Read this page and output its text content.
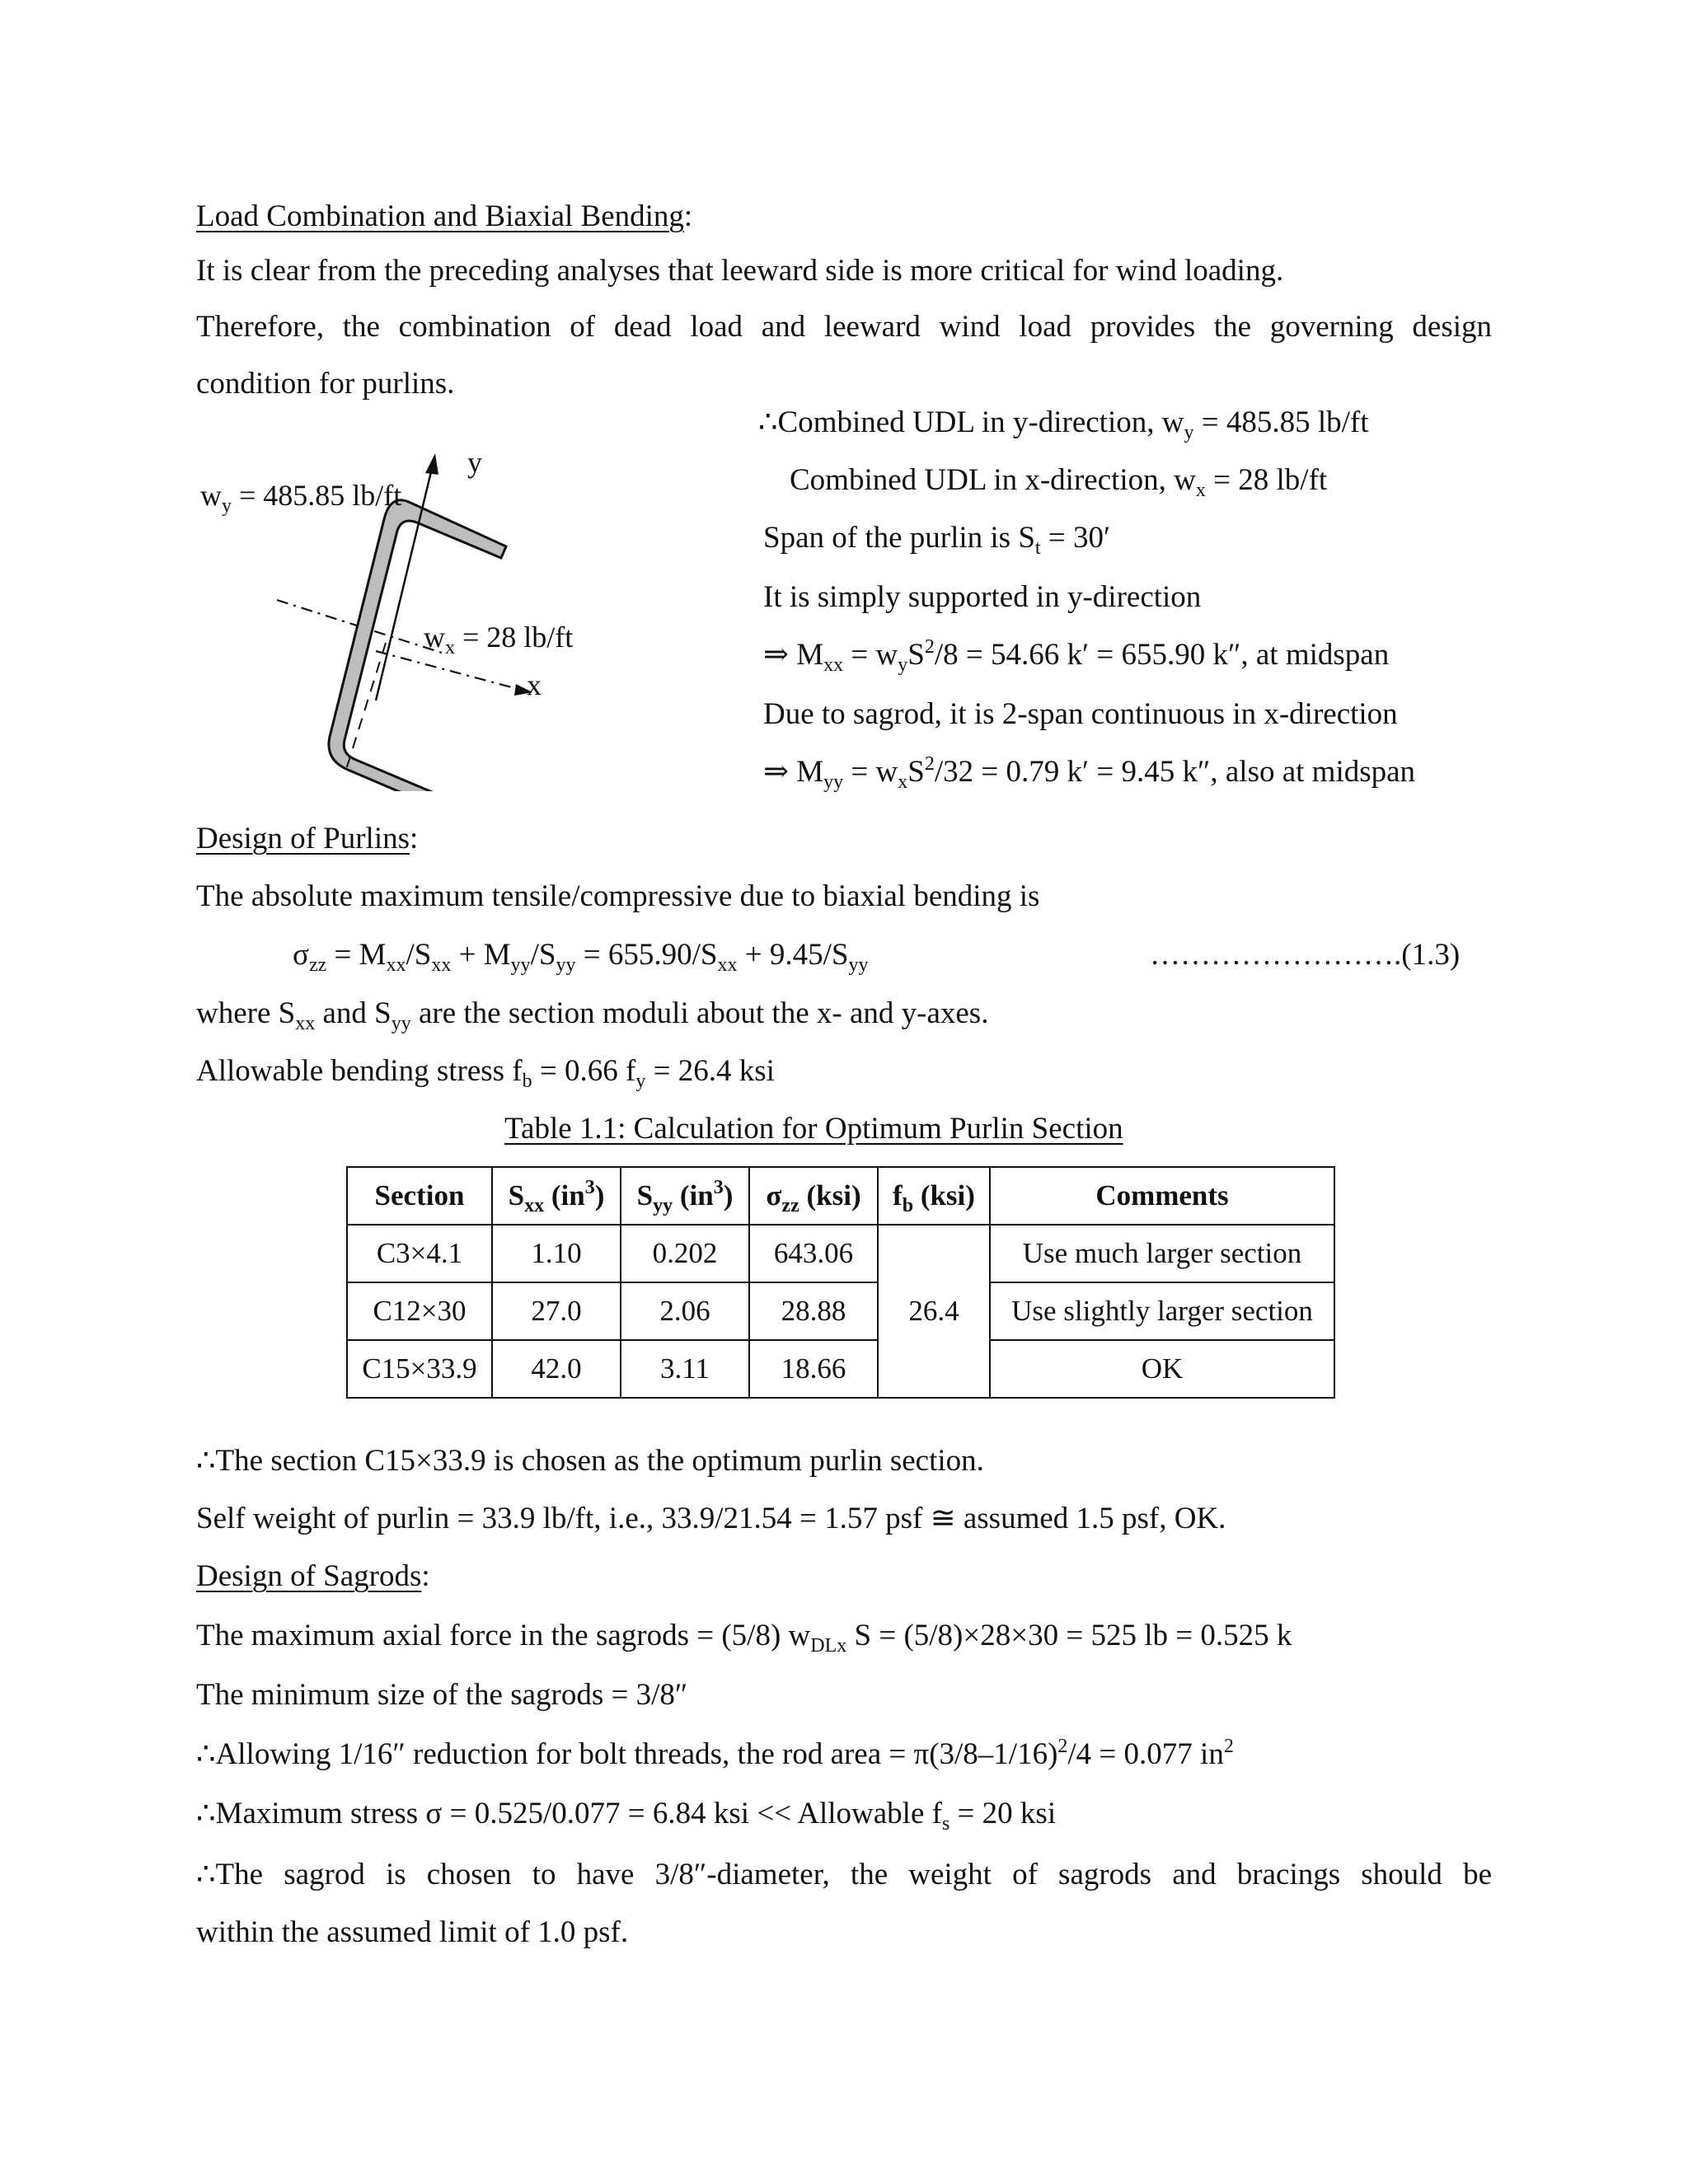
Load Combination and Biaxial Bending:
It is clear from the preceding analyses that leeward side is more critical for wind loading.
Therefore, the combination of dead load and leeward wind load provides the governing design
condition for purlins.
$w_y = 485.85$ lb/ft
y
$w_x = 28$ lb/ft
x
∴Combined UDL in y-direction, $w_y = 485.85$ lb/ft
Combined UDL in x-direction, $w_x = 28$ lb/ft
Span of the purlin is $S_t = 30'$
It is simply supported in y-direction
⇒ $M_{xx} = w_yS^2/8 = 54.66$ k′ = 655.90 k″, at midspan
Due to sagrod, it is 2-span continuous in x-direction
⇒ $M_{yy} = w_xS^2/32 = 0.79$ k′ = 9.45 k″, also at midspan
Design of Purlins:
The absolute maximum tensile/compressive due to biaxial bending is
$\sigma_{zz} = M_{xx}/S_{xx} + M_{yy}/S_{yy} = 655.90/S_{xx} + 9.45/S_{yy}$	…………………….(1.3)
where $S_{xx}$ and $S_{yy}$ are the section moduli about the x- and y-axes.
Allowable bending stress $f_b = 0.66$ $f_y = 26.4$ ksi
Table 1.1: Calculation for Optimum Purlin Section
Section	$S_{xx}$ $(in^3)$	$S_{yy}$ $(in^3)$	$\sigma_{zz}$ (ksi)	$f_b$ (ksi)	Comments
C3×4.1	1.10	0.202	643.06	26.4	Use much larger section
C12×30	27.0	2.06	28.88		Use slightly larger section
C15×33.9	42.0	3.11	18.66		OK
∴The section C15×33.9 is chosen as the optimum purlin section.
Self weight of purlin = 33.9 lb/ft, i.e., 33.9/21.54 = 1.57 psf ≅ assumed 1.5 psf, OK.
Design of Sagrods:
The maximum axial force in the sagrods = (5/8) $w_{DLx}$ S = (5/8)×28×30 = 525 lb = 0.525 k
The minimum size of the sagrods = 3/8″
∴Allowing 1/16″ reduction for bolt threads, the rod area = $\pi(3/8-1/16)^2/4 = 0.077$ $in^2$
∴Maximum stress σ = 0.525/0.077 = 6.84 ksi << Allowable $f_s = 20$ ksi
∴The sagrod is chosen to have 3/8″-diameter, the weight of sagrods and bracings should be
within the assumed limit of 1.0 psf.
